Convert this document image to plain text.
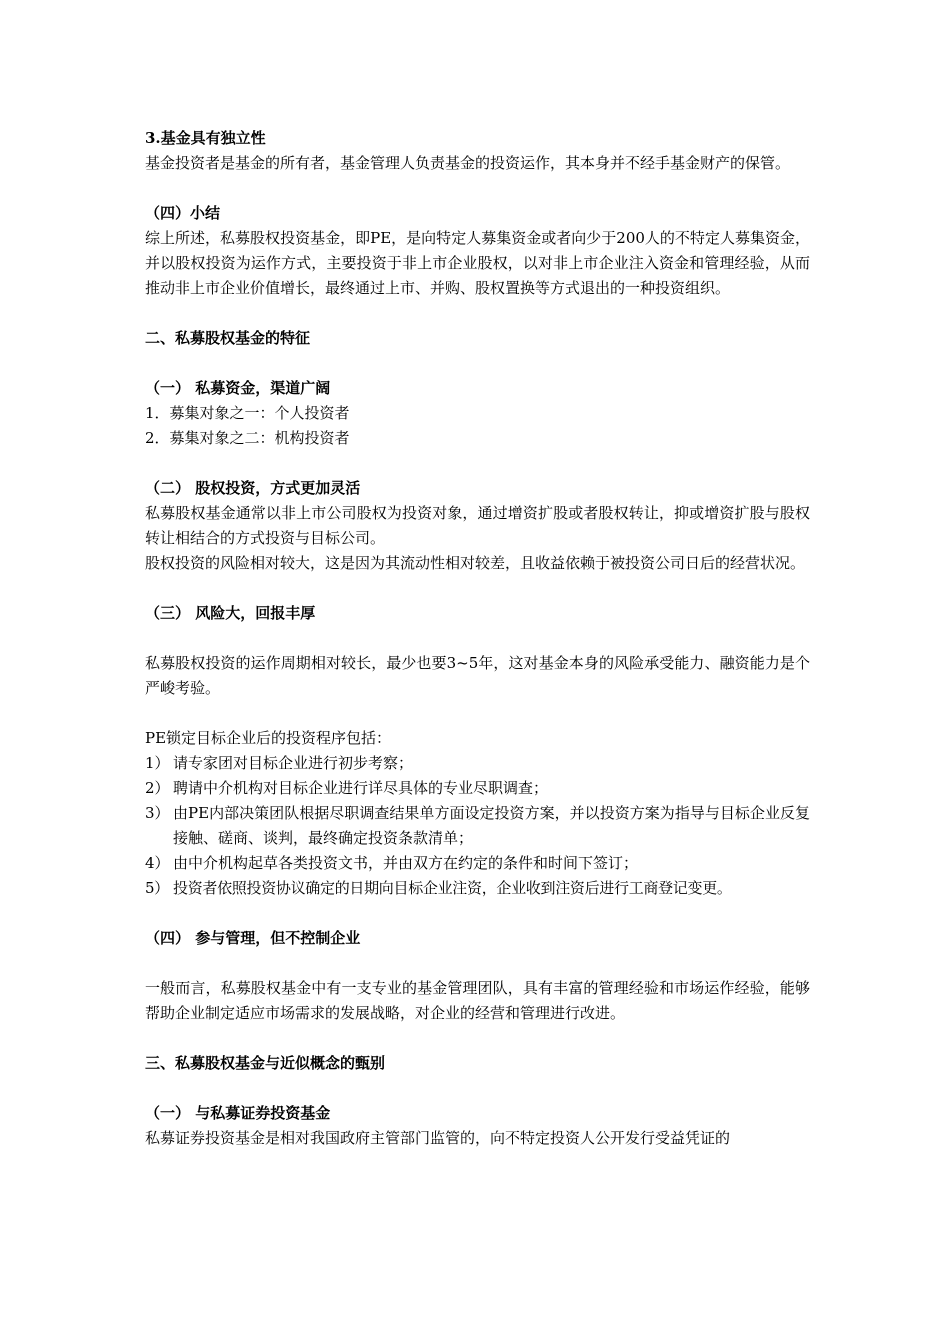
3.基金具有独立性

基金投资者是基金的所有者，基金管理人负责基金的投资运作，其本身并不经手基金财产的保管。

（四）小结

综上所述，私募股权投资基金，即PE，是向特定人募集资金或者向少于200人的不特定人募集资金，并以股权投资为运作方式，主要投资于非上市企业股权，以对非上市企业注入资金和管理经验，从而推动非上市企业价值增长，最终通过上市、并购、股权置换等方式退出的一种投资组织。

二、私募股权基金的特征

（一） 私募资金，渠道广阔

1．募集对象之一：个人投资者

2．募集对象之二：机构投资者

（二） 股权投资，方式更加灵活

私募股权基金通常以非上市公司股权为投资对象，通过增资扩股或者股权转让，抑或增资扩股与股权转让相结合的方式投资与目标公司。

股权投资的风险相对较大，这是因为其流动性相对较差，且收益依赖于被投资公司日后的经营状况。

（三） 风险大，回报丰厚

私募股权投资的运作周期相对较长，最少也要3~5年，这对基金本身的风险承受能力、融资能力是个严峻考验。

PE锁定目标企业后的投资程序包括：

1） 请专家团对目标企业进行初步考察；

2） 聘请中介机构对目标企业进行详尽具体的专业尽职调查；

3） 由PE内部决策团队根据尽职调查结果单方面设定投资方案，并以投资方案为指导与目标企业反复接触、磋商、谈判，最终确定投资条款清单；

4） 由中介机构起草各类投资文书，并由双方在约定的条件和时间下签订；

5） 投资者依照投资协议确定的日期向目标企业注资，企业收到注资后进行工商登记变更。

（四） 参与管理，但不控制企业

一般而言，私募股权基金中有一支专业的基金管理团队，具有丰富的管理经验和市场运作经验，能够帮助企业制定适应市场需求的发展战略，对企业的经营和管理进行改进。

三、私募股权基金与近似概念的甄别

（一） 与私募证券投资基金

私募证券投资基金是相对我国政府主管部门监管的，向不特定投资人公开发行受益凭证的
